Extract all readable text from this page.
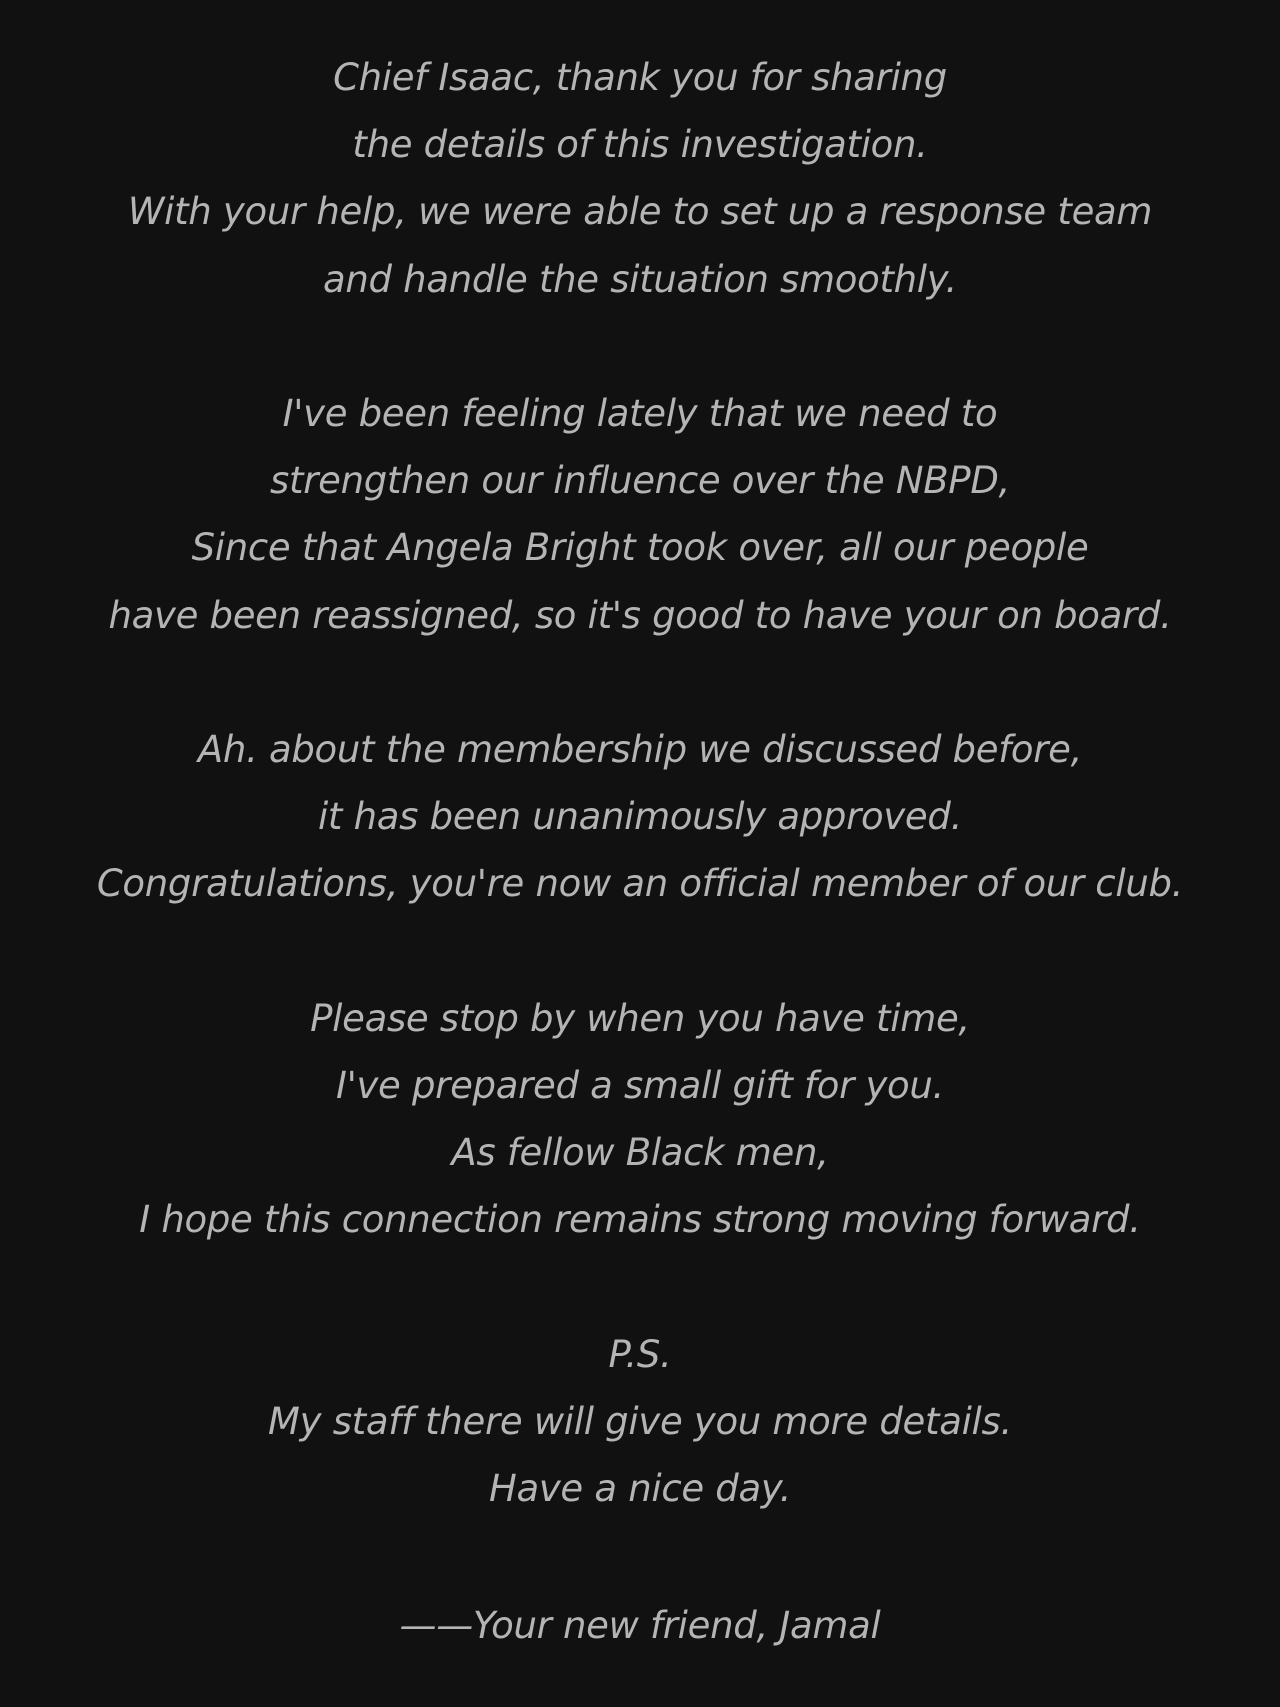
Chief Isaac, thank you for sharing
the details of this investigation.
With your help, we were able to set up a response team
and handle the situation smoothly.
I've been feeling lately that we need to
strengthen our influence over the NBPD,
Since that Angela Bright took over, all our people
have been reassigned, so it's good to have your on board.
Ah. about the membership we discussed before,
it has been unanimously approved.
Congratulations, you're now an official member of our club.
Please stop by when you have time,
I've prepared a small gift for you.
As fellow Black men,
I hope this connection remains strong moving forward.
P.S.
My staff there will give you more details.
Have a nice day.
——Your new friend, Jamal
